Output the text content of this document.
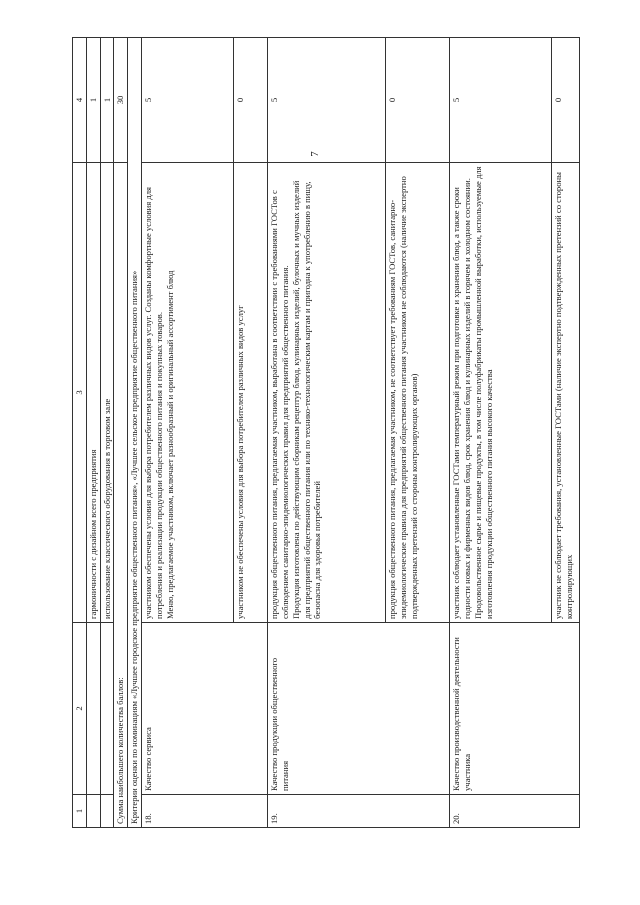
7
1	2	3	4
		гармоничности с дизайном всего предприятия	1
		использование классического оборудования в торговом зале	1
Сумма наибольшего количества баллов:			30
Критерии оценки по номинациям «Лучшее городское предприятие общественного питания», «Лучшее сельское предприятие общественного питания»			
18.	Качество сервиса	участником обеспечены условия для выбора потребителем различных видов услуг. Созданы комфортные условия для потребления и реализации продукции общественного питания и покупных товаров. Меню, предлагаемое участником, включает разнообразный и оригинальный ассортимент блюд	5

		участником не обеспечены условия для выбора потребителем различных видов услуг	0
19.	Качество продукции общественного питания	продукция общественного питания, предлагаемая участником, выработана в соответствии с требованиями ГОСТов с соблюдением санитарно-эпидемиологических правил для предприятий общественного питания. Продукция изготовлена по действующим сборникам рецептур блюд, кулинарных изделий, булочных и мучных изделий для предприятий общественного питания или по технико-технологическим картам и пригодна к употреблению в пищу, безопасна для здоровья потребителей	5

		продукция общественного питания, предлагаемая участником, не соответствует требованиям ГОСТов, санитарно-эпидемиологические правила для предприятий общественного питания участником не соблюдаются (наличие экспертно подтвержденных претензий со стороны контролирующих органов)	0
20.	Качество производственной деятельности участника	участник соблюдает установленные ГОСТами температурный режим при подготовке и хранении блюд, а также сроки годности новых и фирменных видов блюд, срок хранения блюд и кулинарных изделий в горячем и холодном состоянии. Продовольственное сырье и пищевые продукты, в том числе полуфабрикаты промышленной выработки, используемые для изготовления продукции общественного питания высокого качества	5

		участник не соблюдает требования, установленные ГОСТами (наличие экспертно подтвержденных претензий со стороны контролирующих	0
